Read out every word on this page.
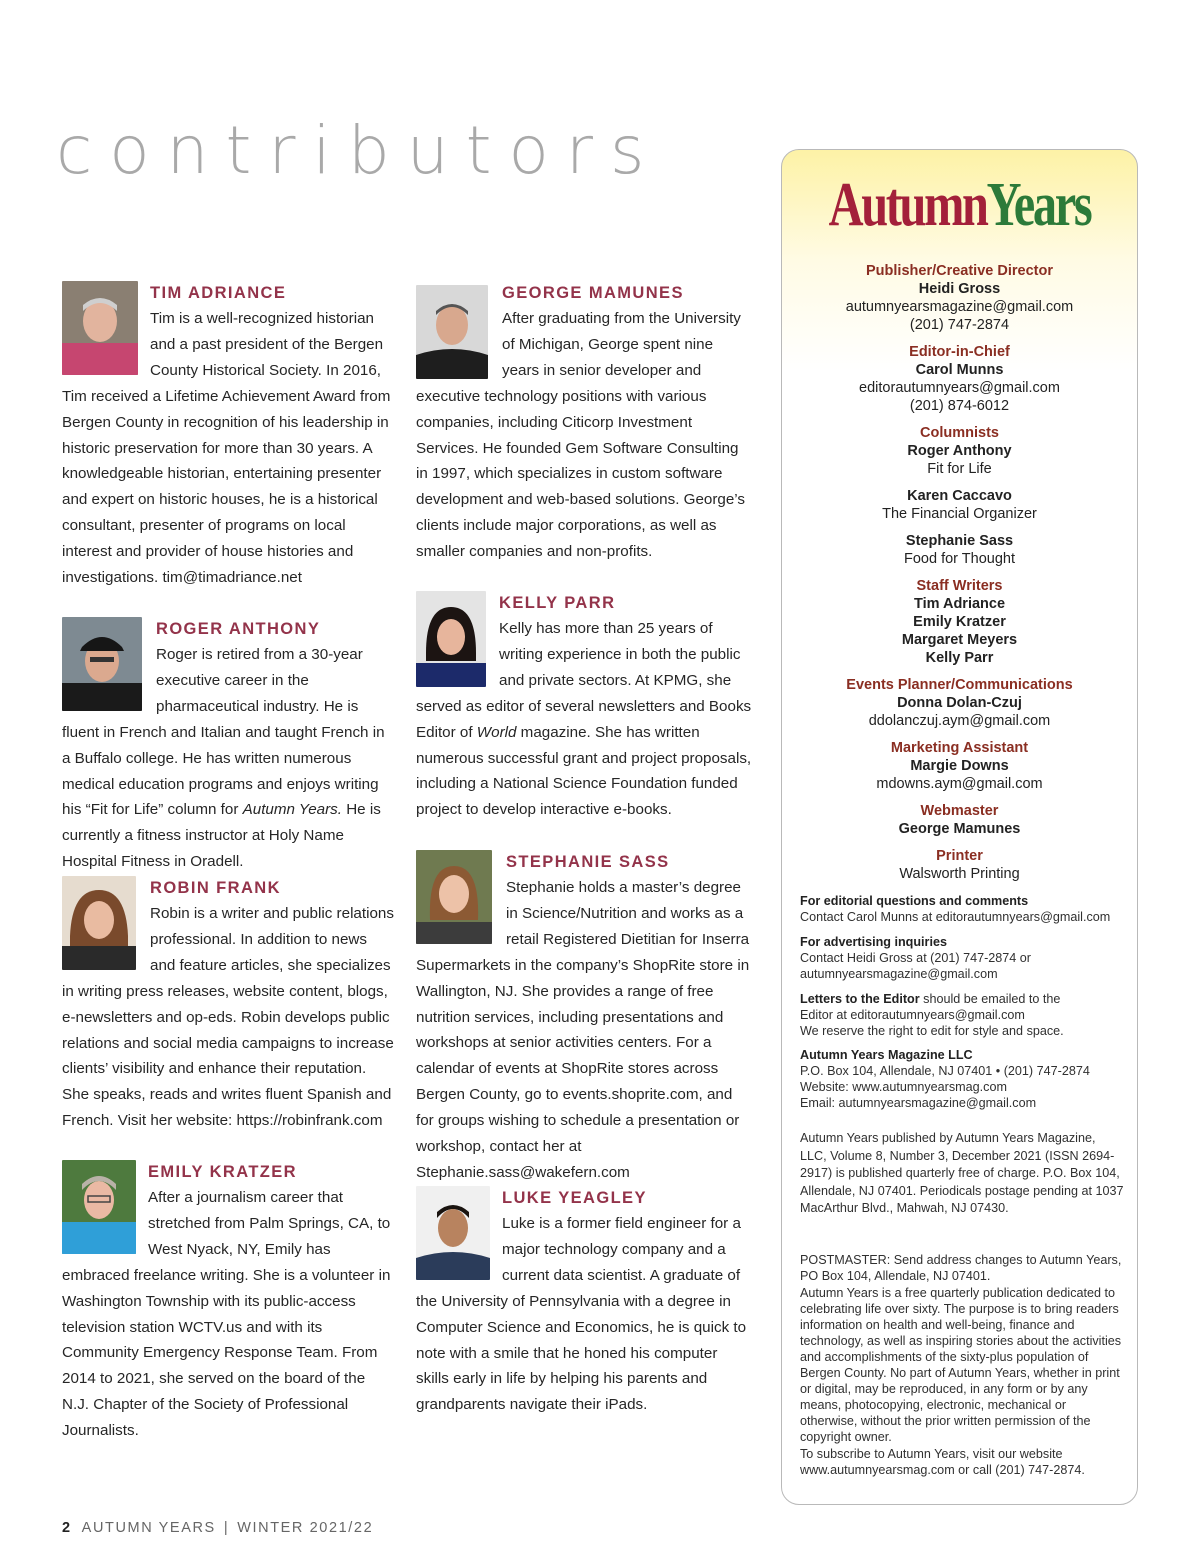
contributors
TIM ADRIANCE

Tim is a well-recognized historian and a past president of the Bergen County Historical Society. In 2016, Tim received a Lifetime Achievement Award from Bergen County in recognition of his leadership in historic preservation for more than 30 years. A knowledgeable historian, entertaining presenter and expert on historic houses, he is a historical consultant, presenter of programs on local interest and provider of house histories and investigations. tim@timadriance.net

ROGER ANTHONY

Roger is retired from a 30-year executive career in the pharmaceutical industry. He is fluent in French and Italian and taught French in a Buffalo college. He has written numerous medical education programs and enjoys writing his “Fit for Life” column for Autumn Years. He is currently a fitness instructor at Holy Name Hospital Fitness in Oradell.

ROBIN FRANK

Robin is a writer and public relations professional. In addition to news and feature articles, she specializes in writing press releases, website content, blogs, e-newsletters and op-eds. Robin develops public relations and social media campaigns to increase clients’ visibility and enhance their reputation. She speaks, reads and writes fluent Spanish and French. Visit her website: https://robinfrank.com

EMILY KRATZER

After a journalism career that stretched from Palm Springs, CA, to West Nyack, NY, Emily has embraced freelance writing. She is a volunteer in Washington Township with its public-access television station WCTV.us and with its Community Emergency Response Team. From 2014 to 2021, she served on the board of the N.J. Chapter of the Society of Professional Journalists.

GEORGE MAMUNES

After graduating from the University of Michigan, George spent nine years in senior developer and executive technology positions with various companies, including Citicorp Investment Services. He founded Gem Software Consulting in 1997, which specializes in custom software development and web-based solutions. George’s clients include major corporations, as well as smaller companies and non-profits.

KELLY PARR

Kelly has more than 25 years of writing experience in both the public and private sectors. At KPMG, she served as editor of several newsletters and Books Editor of World magazine. She has written numerous successful grant and project proposals, including a National Science Foundation funded project to develop interactive e-books.

STEPHANIE SASS

Stephanie holds a master’s degree in Science/Nutrition and works as a retail Registered Dietitian for Inserra Supermarkets in the company’s ShopRite store in Wallington, NJ. She provides a range of free nutrition services, including presentations and workshops at senior activities centers. For a calendar of events at ShopRite stores across Bergen County, go to events.shoprite.com, and for groups wishing to schedule a presentation or workshop, contact her at Stephanie.sass@wakefern.com

LUKE YEAGLEY

Luke is a former field engineer for a major technology company and a current data scientist. A graduate of the University of Pennsylvania with a degree in Computer Science and Economics, he is quick to note with a smile that he honed his computer skills early in life by helping his parents and grandparents navigate their iPads.

AutumnYears
Publisher/Creative Director
Heidi Gross
autumnyearsmagazine@gmail.com
(201) 747-2874
Editor-in-Chief
Carol Munns
editorautumnyears@gmail.com
(201) 874-6012
Columnists
Roger Anthony
Fit for Life
Karen Caccavo
The Financial Organizer
Stephanie Sass
Food for Thought
Staff Writers
Tim Adriance
Emily Kratzer
Margaret Meyers
Kelly Parr
Events Planner/Communications
Donna Dolan-Czuj
ddolanczuj.aym@gmail.com
Marketing Assistant
Margie Downs
mdowns.aym@gmail.com
Webmaster
George Mamunes
Printer
Walsworth Printing
For editorial questions and comments
Contact Carol Munns at editorautumnyears@gmail.com
For advertising inquiries
Contact Heidi Gross at (201) 747-2874 or
autumnyearsmagazine@gmail.com
Letters to the Editor should be emailed to the
Editor at editorautumnyears@gmail.com
We reserve the right to edit for style and space.
Autumn Years Magazine LLC
P.O. Box 104, Allendale, NJ 07401 • (201) 747-2874
Website: www.autumnyearsmag.com
Email: autumnyearsmagazine@gmail.com
Autumn Years published by Autumn Years Magazine, LLC, Volume 8, Number 3, December 2021 (ISSN 2694-2917) is published quarterly free of charge. P.O. Box 104, Allendale, NJ 07401. Periodicals postage pending at 1037 MacArthur Blvd., Mahwah, NJ 07430.
POSTMASTER: Send address changes to Autumn Years, PO Box 104, Allendale, NJ 07401.
Autumn Years is a free quarterly publication dedicated to celebrating life over sixty. The purpose is to bring readers information on health and well-being, finance and technology, as well as inspiring stories about the activities and accomplishments of the sixty-plus population of Bergen County. No part of Autumn Years, whether in print or digital, may be reproduced, in any form or by any means, photocopying, electronic, mechanical or otherwise, without the prior written permission of the copyright owner.
To subscribe to Autumn Years, visit our website www.autumnyearsmag.com or call (201) 747-2874.
2 AUTUMN YEARS | WINTER 2021/22
